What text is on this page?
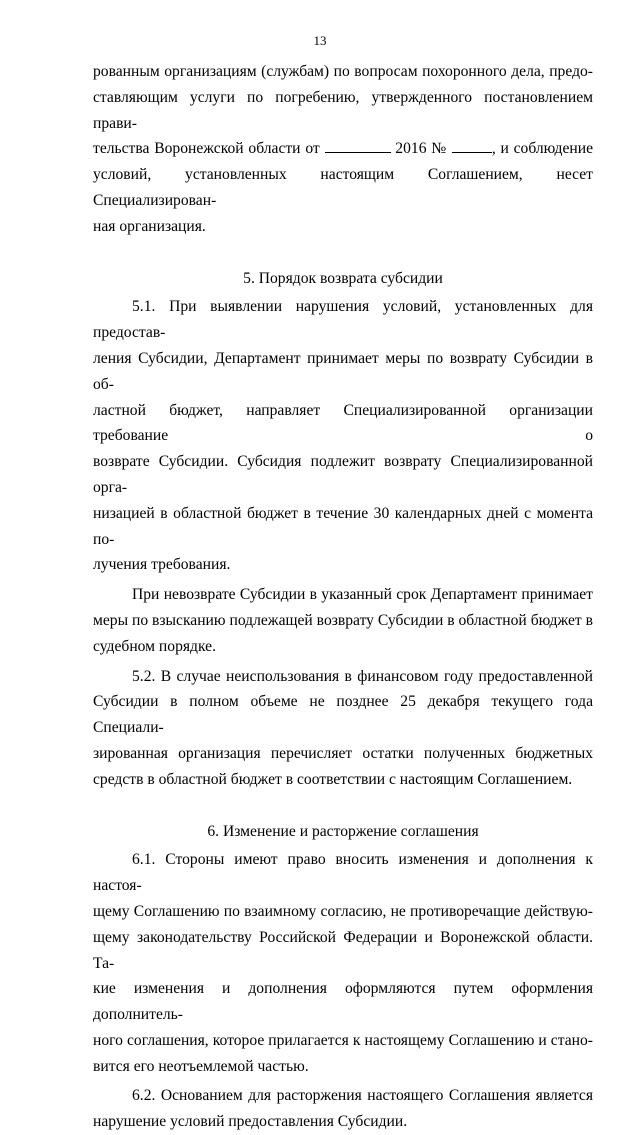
13

рованным организациям (службам) по вопросам похоронного дела, предо-

ставляющим услуги по погребению, утвержденного постановлением прави-

тельства Воронежской области от	2016 №	, и соблюдение

условий, установленных настоящим Соглашением, несет Специализирован-

ная организация.

5. Порядок возврата субсидии

5.1. При выявлении нарушения условий, установленных для предостав-

ления Субсидии, Департамент принимает меры по возврату Субсидии в об-

ластной бюджет, направляет Специализированной организации требование о

возврате Субсидии. Субсидия подлежит возврату Специализированной орга-

низацией в областной бюджет в течение 30 календарных дней с момента по-

лучения требования.

При невозврате Субсидии в указанный срок Департамент принимает

меры по взысканию подлежащей возврату Субсидии в областной бюджет в

судебном порядке.

5.2. В случае неиспользования в финансовом году предоставленной

Субсидии в полном объеме не позднее 25 декабря текущего года Специали-

зированная организация перечисляет остатки полученных бюджетных

средств в областной бюджет в соответствии с настоящим Соглашением.

6. Изменение и расторжение соглашения

6.1. Стороны имеют право вносить изменения и дополнения к настоя-

щему Соглашению по взаимному согласию, не противоречащие действую-

щему законодательству Российской Федерации и Воронежской области. Та-

кие изменения и дополнения оформляются путем оформления дополнитель-

ного соглашения, которое прилагается к настоящему Соглашению и стано-

вится его неотъемлемой частью.

6.2. Основанием для расторжения настоящего Соглашения является

нарушение условий предоставления Субсидии.
